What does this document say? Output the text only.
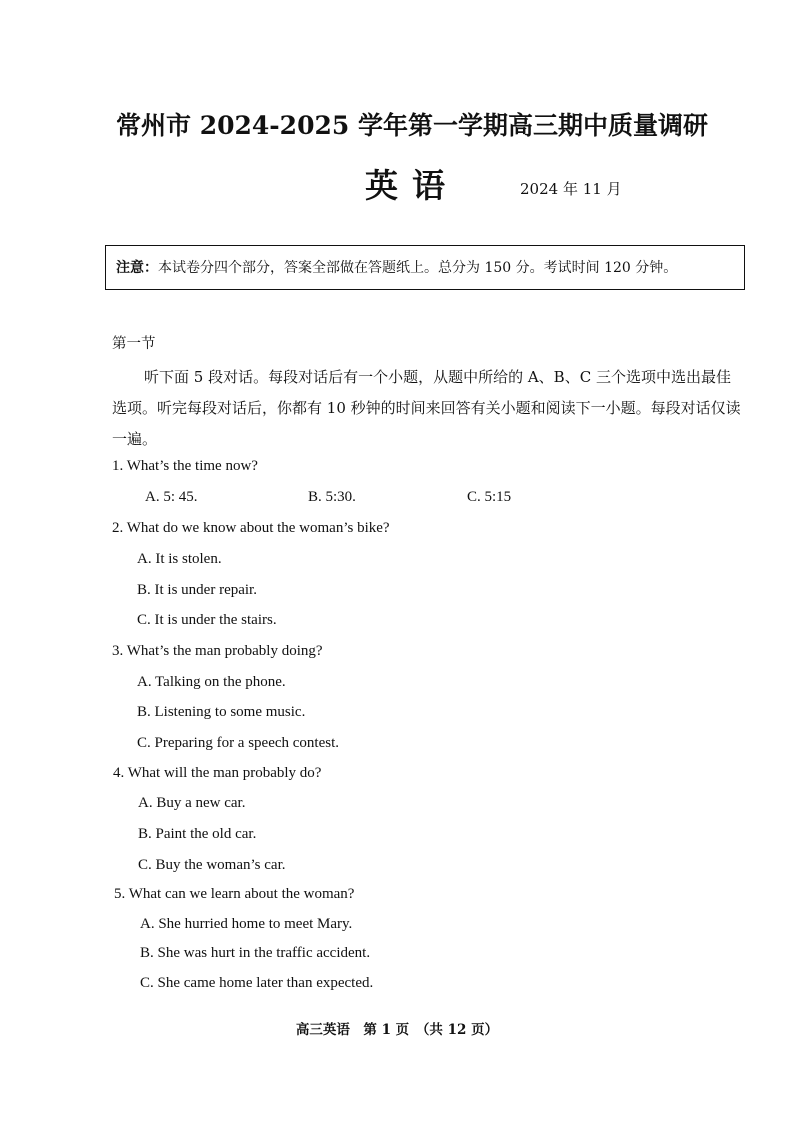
常州市 2024-2025 学年第一学期高三期中质量调研
英语	2024 年 11 月
注意：本试卷分四个部分，答案全部做在答题纸上。总分为 150 分。考试时间 120 分钟。
第一节
听下面 5 段对话。每段对话后有一个小题，从题中所给的 A、B、C 三个选项中选出最佳选项。听完每段对话后，你都有 10 秒钟的时间来回答有关小题和阅读下一小题。每段对话仅读一遍。
1. What’s the time now?
A. 5: 45.	B. 5:30.	C. 5:15
2. What do we know about the woman’s bike?
A. It is stolen.
B. It is under repair.
C. It is under the stairs.
3. What’s the man probably doing?
A. Talking on the phone.
B. Listening to some music.
C. Preparing for a speech contest.
4. What will the man probably do?
A. Buy a new car.
B. Paint the old car.
C. Buy the woman’s car.
5. What can we learn about the woman?
A. She hurried home to meet Mary.
B. She was hurt in the traffic accident.
C. She came home later than expected.
高三英语　第 1 页　（共 12 页）
